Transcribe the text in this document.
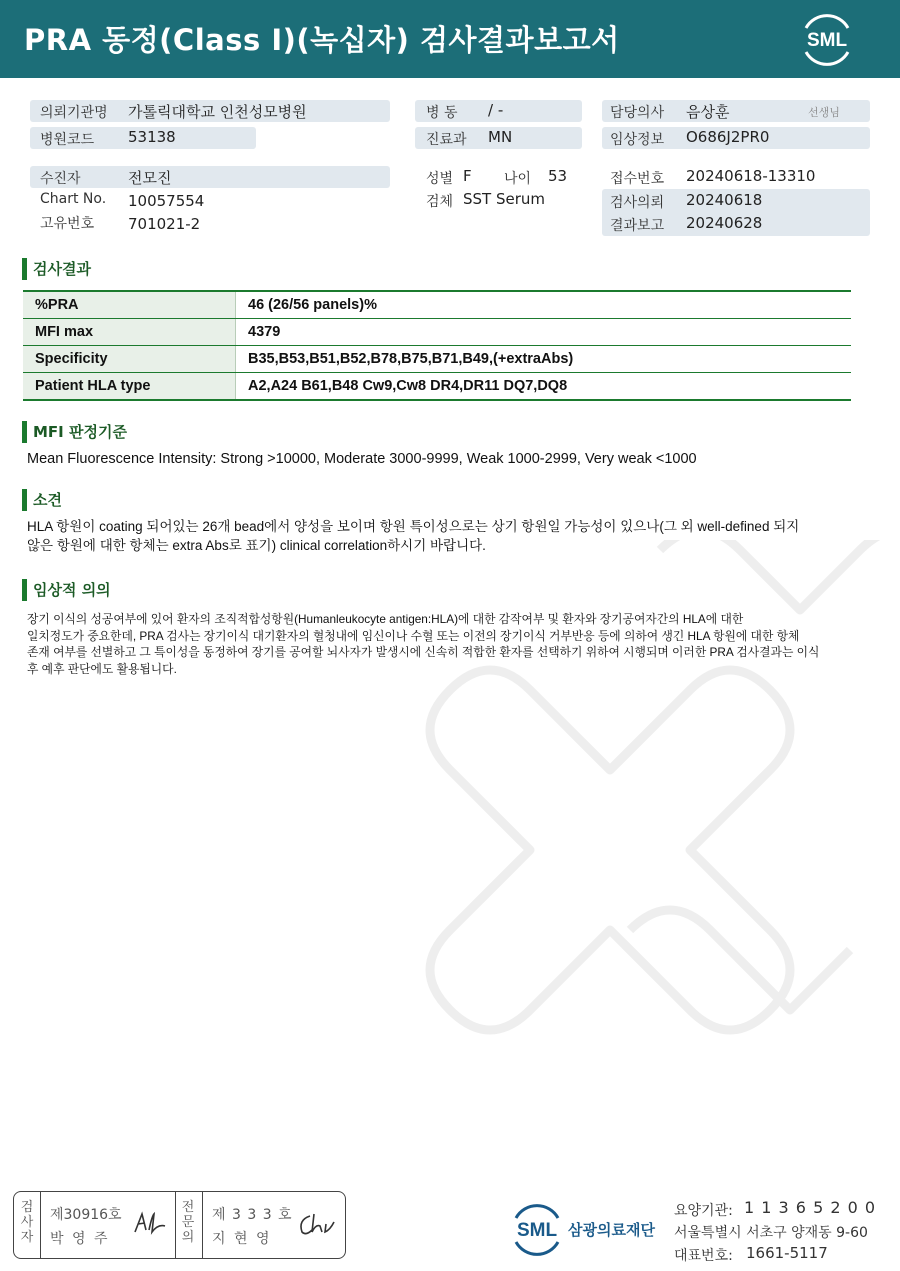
PRA 동정(Class I)(녹십자) 검사결과보고서	SML
의뢰기관명 가톨릭대학교 인천성모병원
병원코드 53138
병 동 / -
진료과 MN
담당의사 음상훈	선생님
임상정보 O686J2PR0
수진자	전모진
Chart No. 10057554
고유번호 701021-2
성별 F 나이 53
검체 SST Serum
접수번호 20240618-13310
검사의뢰 20240618
결과보고 20240628
검사결과
%PRA	46 (26/56 panels)%
MFI max	4379
Specificity	B35,B53,B51,B52,B78,B75,B71,B49,(+extraAbs)
Patient HLA type	A2,A24 B61,B48 Cw9,Cw8 DR4,DR11 DQ7,DQ8
MFI 판정기준
Mean Fluorescence Intensity: Strong >10000, Moderate 3000-9999, Weak 1000-2999, Very weak <1000
소견
HLA 항원이 coating 되어있는 26개 bead에서 양성을 보이며 항원 특이성으로는 상기 항원일 가능성이 있으나(그 외 well-defined 되지
않은 항원에 대한 항체는 extra Abs로 표기) clinical correlation하시기 바랍니다.
임상적 의의
장기 이식의 성공여부에 있어 환자의 조직적합성항원(Humanleukocyte antigen:HLA)에 대한 감작여부 및 환자와 장기공여자간의 HLA에 대한
일치정도가 중요한데, PRA 검사는 장기이식 대기환자의 혈청내에 임신이나 수혈 또는 이전의 장기이식 거부반응 등에 의하여 생긴 HLA 항원에 대한 항체
존재 여부를 선별하고 그 특이성을 동정하여 장기를 공여할 뇌사자가 발생시에 신속히 적합한 환자를 선택하기 위하여 시행되며 이러한 PRA 검사결과는 이식
후 예후 판단에도 활용됩니다.
검사자
제30916호
박 영 주
전문의
제 3 3 3 호
지 현 영	SML 삼광의료재단
요양기관: 1 1 3 6 5 2 0 0
서울특별시 서초구 양재동 9-60
대표번호: 1661-5117
